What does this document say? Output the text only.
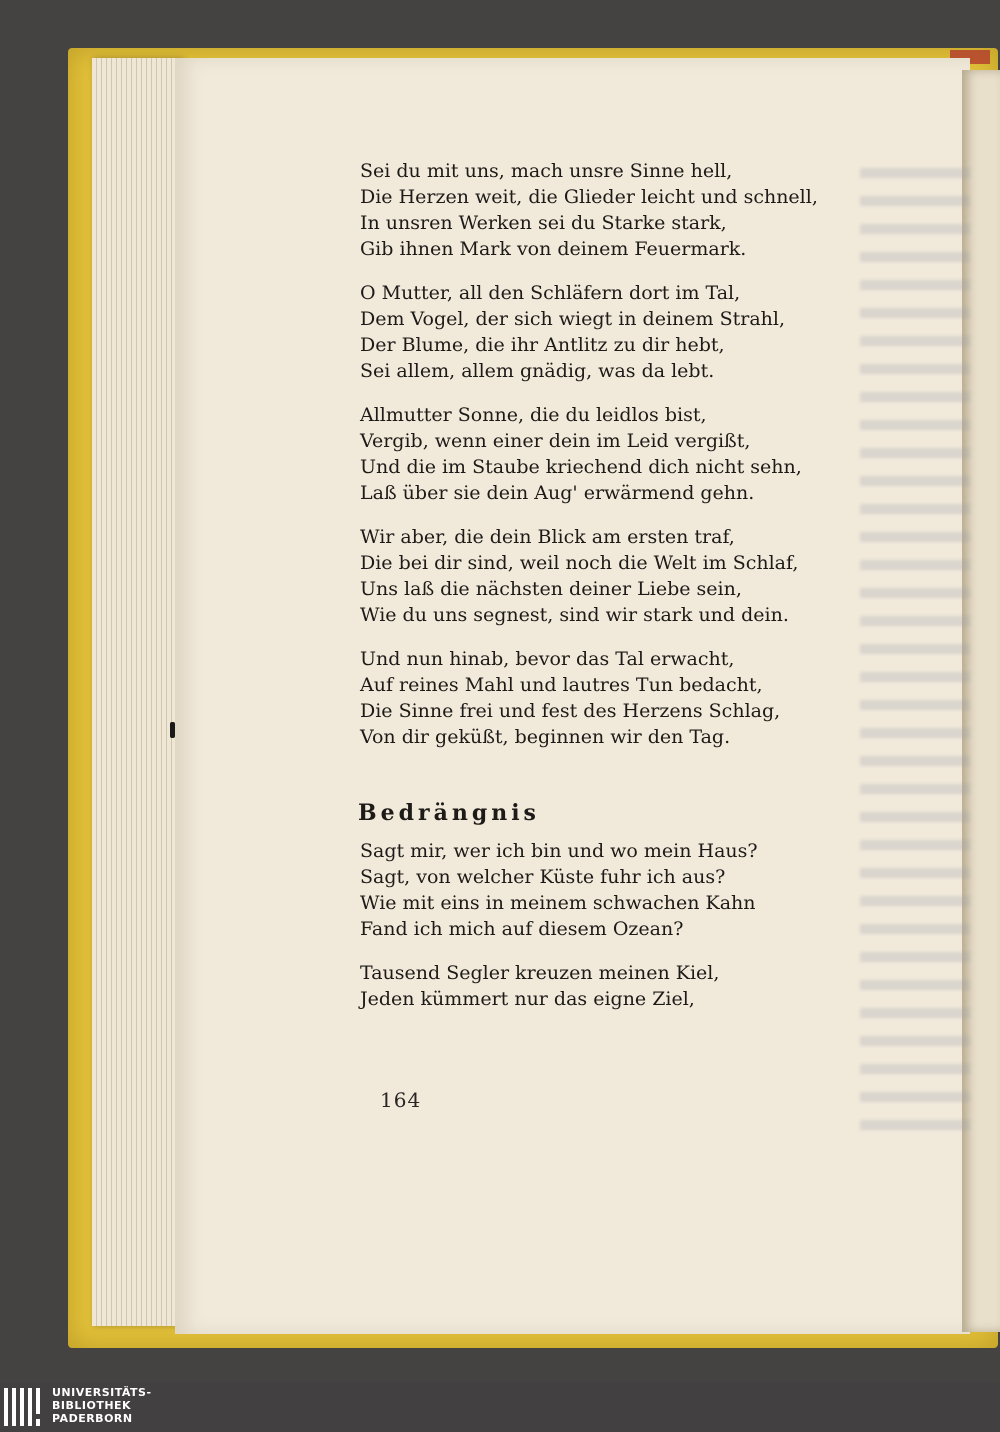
Sei du mit uns, mach unsre Sinne hell,
Die Herzen weit, die Glieder leicht und schnell,
In unsren Werken sei du Starke stark,
Gib ihnen Mark von deinem Feuermark.
O Mutter, all den Schläfern dort im Tal,
Dem Vogel, der sich wiegt in deinem Strahl,
Der Blume, die ihr Antlitz zu dir hebt,
Sei allem, allem gnädig, was da lebt.
Allmutter Sonne, die du leidlos bist,
Vergib, wenn einer dein im Leid vergißt,
Und die im Staube kriechend dich nicht sehn,
Laß über sie dein Aug' erwärmend gehn.
Wir aber, die dein Blick am ersten traf,
Die bei dir sind, weil noch die Welt im Schlaf,
Uns laß die nächsten deiner Liebe sein,
Wie du uns segnest, sind wir stark und dein.
Und nun hinab, bevor das Tal erwacht,
Auf reines Mahl und lautres Tun bedacht,
Die Sinne frei und fest des Herzens Schlag,
Von dir geküßt, beginnen wir den Tag.
Bedrängnis
Sagt mir, wer ich bin und wo mein Haus?
Sagt, von welcher Küste fuhr ich aus?
Wie mit eins in meinem schwachen Kahn
Fand ich mich auf diesem Ozean?
Tausend Segler kreuzen meinen Kiel,
Jeden kümmert nur das eigne Ziel,
164
UNIVERSITÄTS-
BIBLIOTHEK
PADERBORN
